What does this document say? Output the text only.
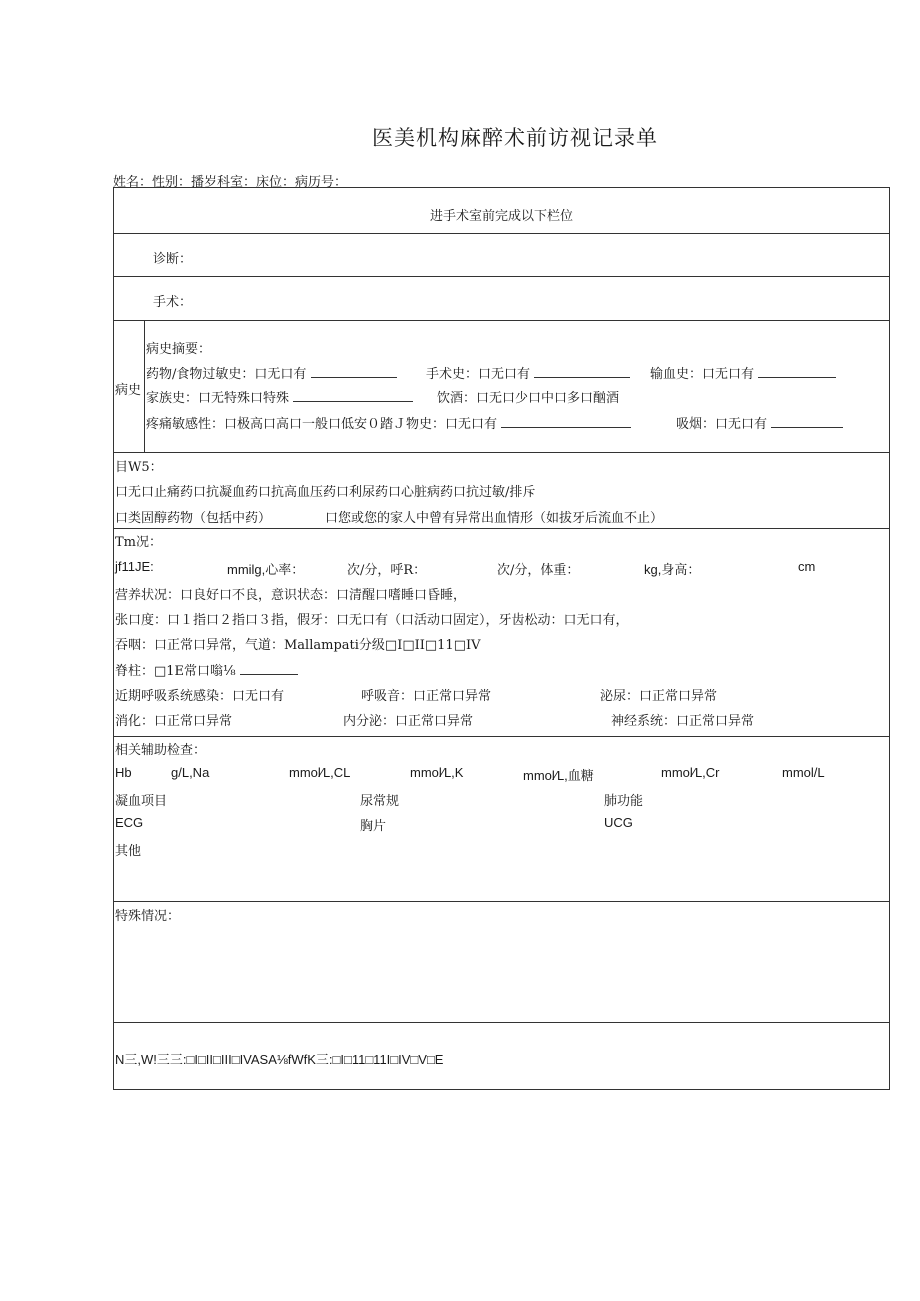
医美机构麻醉术前访视记录单
姓名：性别：播岁科室：床位：病历号：
进手术室前完成以下栏位
诊断：
手术：
病史
病史摘要：
药物/食物过敏史：口无口有	手术史：口无口有	输血史：口无口有
家族史：口无特殊口特殊	饮酒：口无口少口中口多口酗酒
疼痛敏感性：口极高口高口一般口低安０踏Ｊ物史：口无口有	吸烟：口无口有
目W5：
口无口止痛药口抗凝血药口抗高血压药口利尿药口心脏病药口抗过敏/排斥
口类固醇药物（包括中药）	口您或您的家人中曾有异常出血情形（如拔牙后流血不止）
Tm况：
jf11JE:	mmilg,心率：	次/分，呼R：	次/分，体重：	kg,身高：	cm
营养状况：口良好口不良，意识状态：口清醒口嗜睡口昏睡，
张口度：口１指口２指口３指，假牙：口无口有（口活动口固定），牙齿松动：口无口有，
吞咽：口正常口异常，气道：Mallampati分级□I□II□11□IV
脊柱：□1E常口嗡⅛
近期呼吸系统感染：口无口有	呼吸音：口正常口异常	泌尿：口正常口异常
消化：口正常口异常	内分泌：口正常口异常	神经系统：口正常口异常
相关辅助检查：
Hb	g/L,Na	mmol⁄L,CL	mmol⁄L,K	mmol⁄L,血糖	mmol⁄L,Cr	mmol/L
凝血项目	尿常规	肺功能
ECG	胸片	UCG
其他
特殊情况：
N三,W!三三:□I□II□III□IVASA⅛fWfK三:□I□11□11I□IV□V□E
